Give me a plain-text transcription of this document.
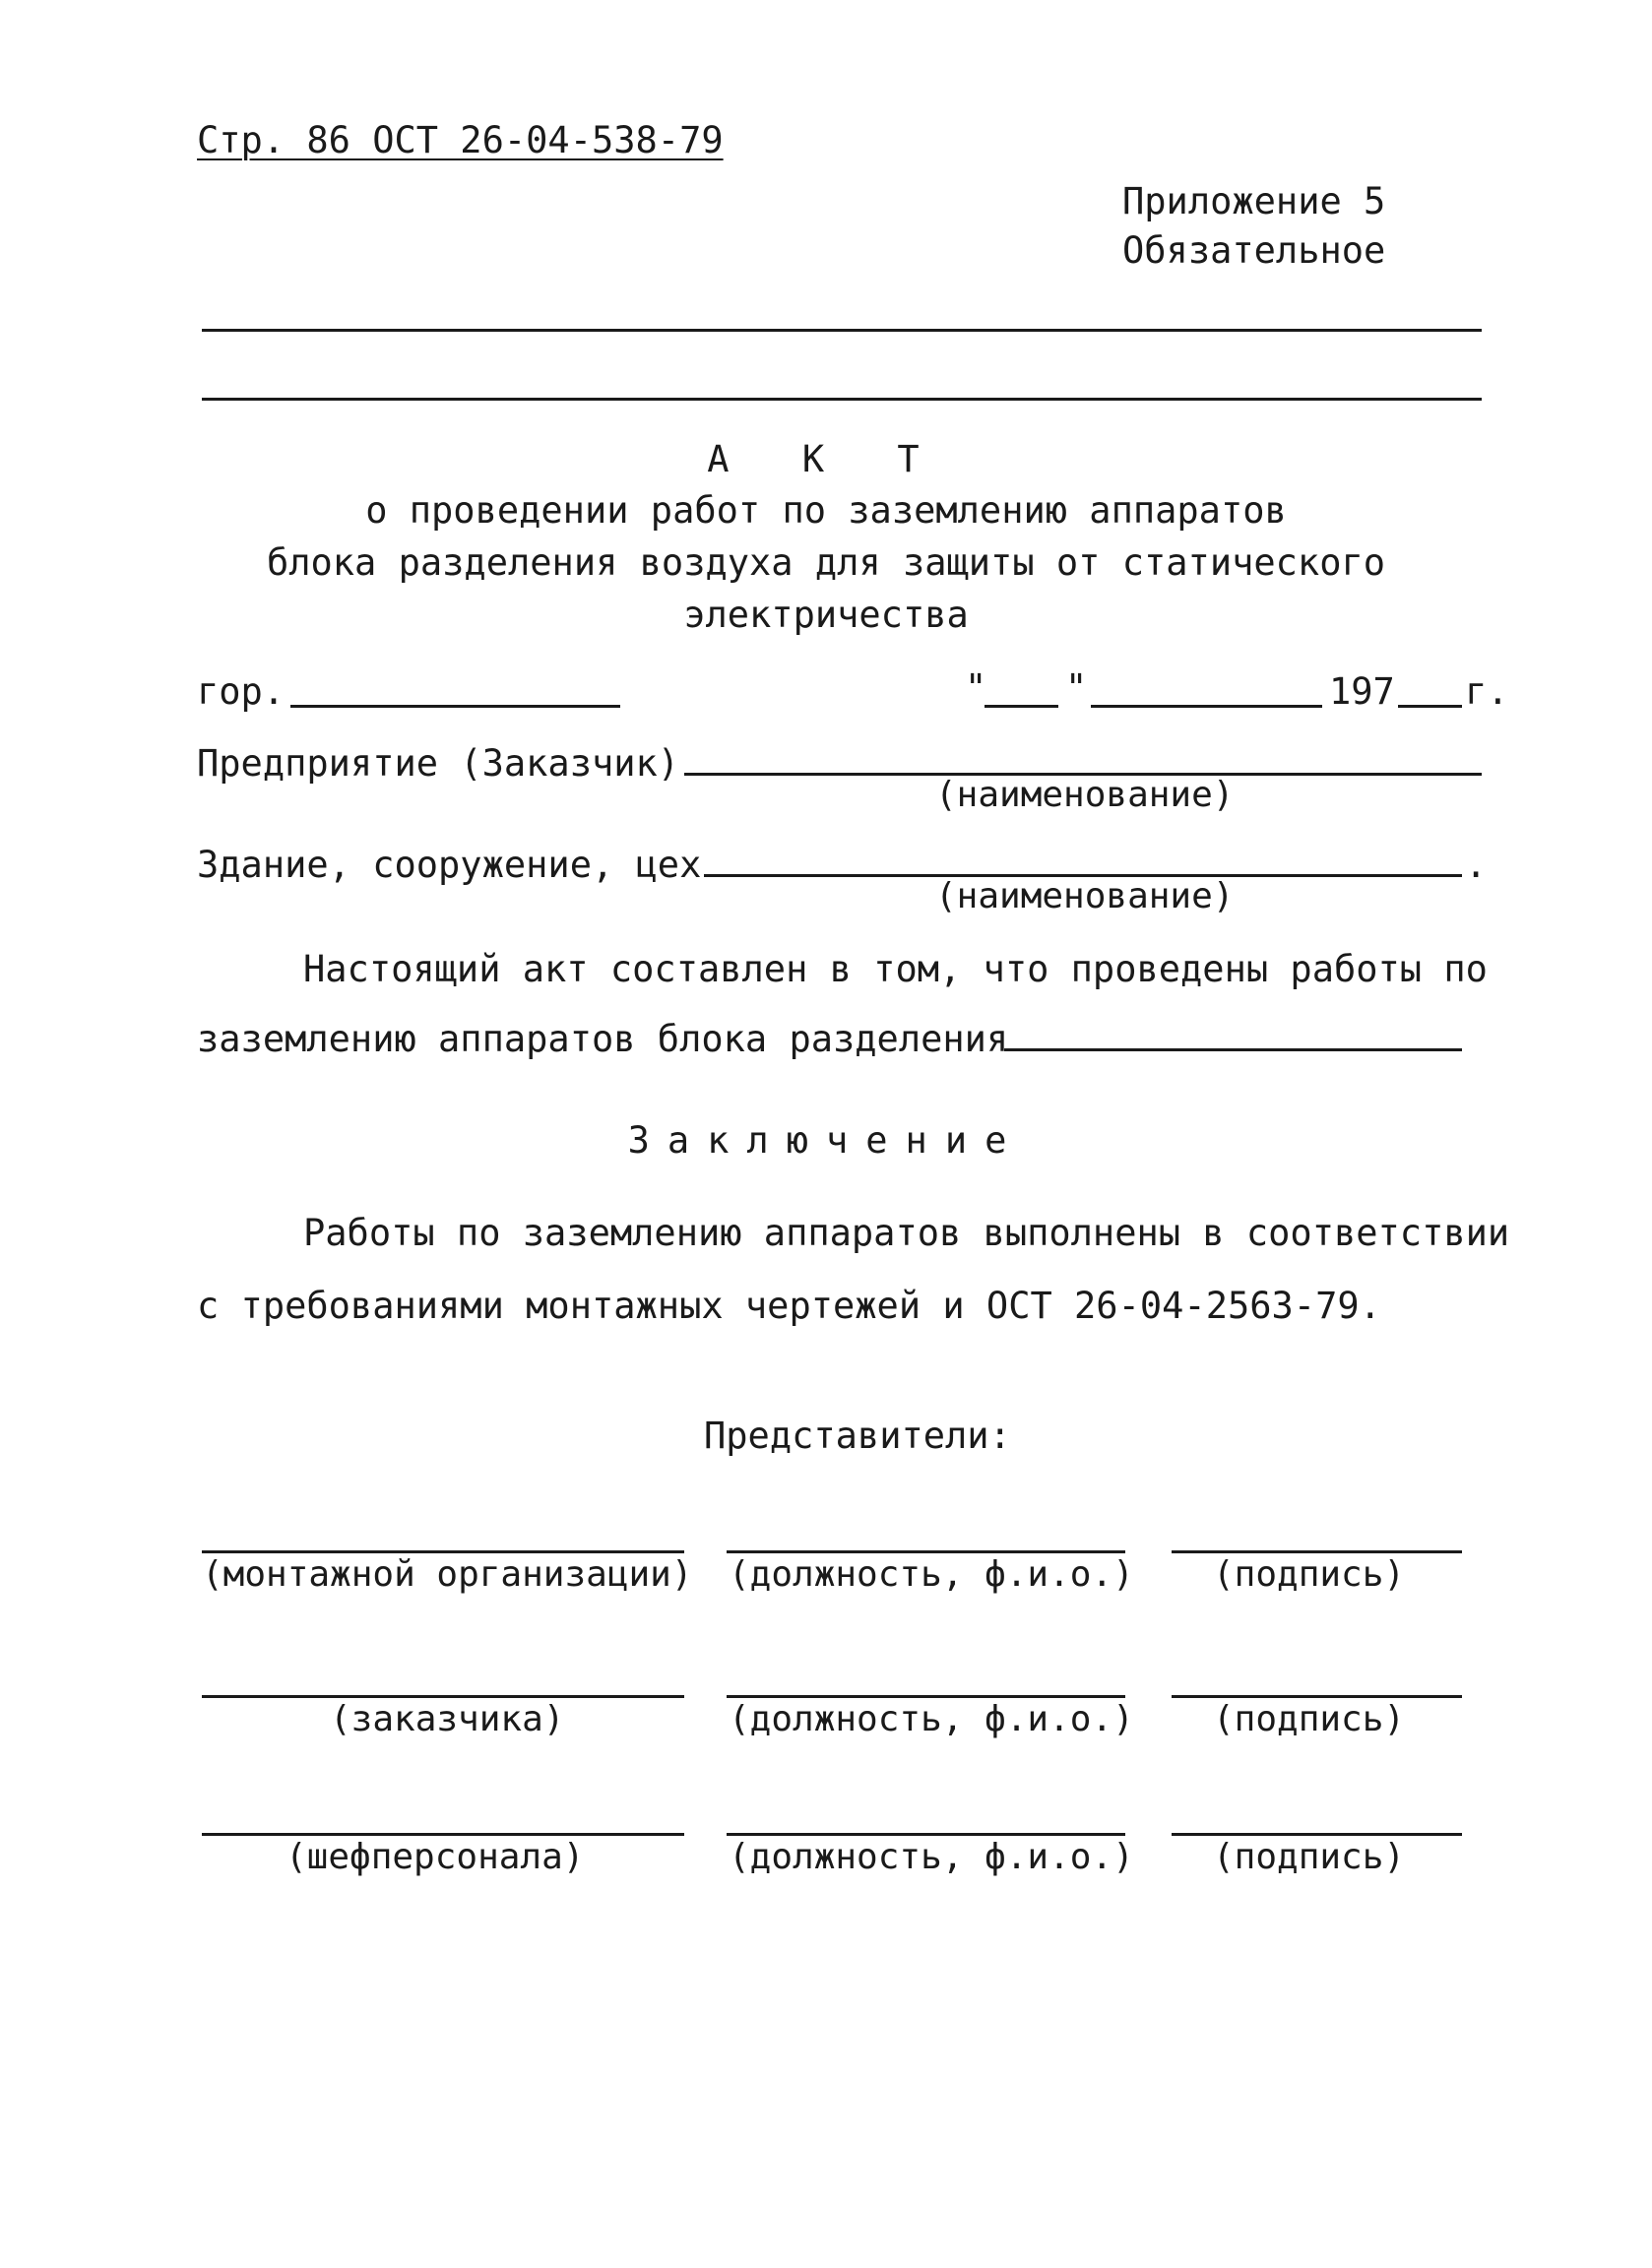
Стр. 86 ОСТ 26-04-538-79
Приложение 5
Обязательное
А К Т
о проведении работ по заземлению аппаратов
блока разделения воздуха для защиты от статического
электричества
гор.	" "	197 г.
Предприятие (Заказчик)
(наименование)
Здание, сооружение, цех	.
(наименование)
Настоящий акт составлен в том, что проведены работы по
заземлению аппаратов блока разделения
Заключение
Работы по заземлению аппаратов выполнены в соответствии
с требованиями монтажных чертежей и ОСТ 26-04-2563-79.
Представители:
(монтажной организации) (должность, ф.и.о.) (подпись)
(заказчика)	(должность, ф.и.о.) (подпись)
(шефперсонала)	(должность, ф.и.о.) (подпись)
